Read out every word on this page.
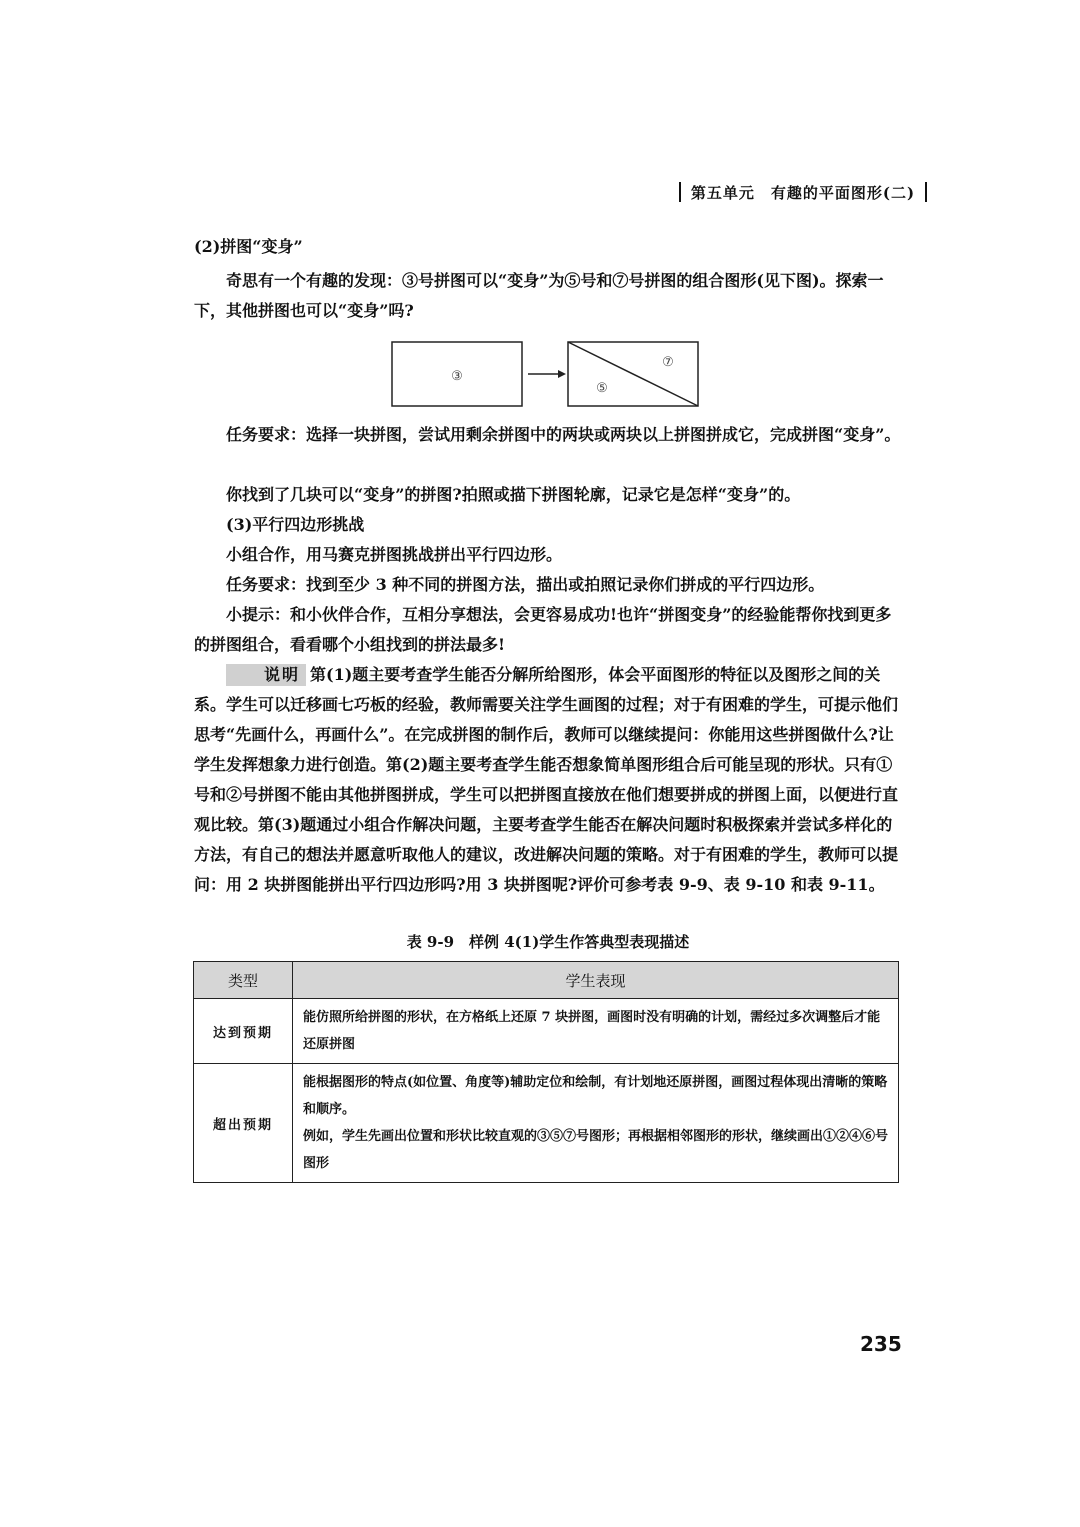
第五单元 有趣的平面图形(二)
(2)拼图“变身”
奇思有一个有趣的发现：③号拼图可以“变身”为⑤号和⑦号拼图的组合图形(见下图)。探索一下，其他拼图也可以“变身”吗?
③
⑦
⑤
任务要求：选择一块拼图，尝试用剩余拼图中的两块或两块以上拼图拼成它，完成拼图“变身”。
你找到了几块可以“变身”的拼图?拍照或描下拼图轮廓，记录它是怎样“变身”的。
(3)平行四边形挑战
小组合作，用马赛克拼图挑战拼出平行四边形。
任务要求：找到至少 3 种不同的拼图方法，描出或拍照记录你们拼成的平行四边形。
小提示：和小伙伴合作，互相分享想法，会更容易成功!也许“拼图变身”的经验能帮你找到更多的拼图组合，看看哪个小组找到的拼法最多!
说明 第(1)题主要考查学生能否分解所给图形，体会平面图形的特征以及图形之间的关系。学生可以迁移画七巧板的经验，教师需要关注学生画图的过程；对于有困难的学生，可提示他们思考“先画什么，再画什么”。在完成拼图的制作后，教师可以继续提问：你能用这些拼图做什么?让学生发挥想象力进行创造。第(2)题主要考查学生能否想象简单图形组合后可能呈现的形状。只有①号和②号拼图不能由其他拼图拼成，学生可以把拼图直接放在他们想要拼成的拼图上面，以便进行直观比较。第(3)题通过小组合作解决问题，主要考查学生能否在解决问题时积极探索并尝试多样化的方法，有自己的想法并愿意听取他人的建议，改进解决问题的策略。对于有困难的学生，教师可以提问：用 2 块拼图能拼出平行四边形吗?用 3 块拼图呢?评价可参考表 9-9、表 9-10 和表 9-11。
表 9-9　样例 4(1)学生作答典型表现描述
类型	学生表现
达到预期	能仿照所给拼图的形状，在方格纸上还原 7 块拼图，画图时没有明确的计划，需经过多次调整后才能还原拼图

超出预期	能根据图形的特点(如位置、角度等)辅助定位和绘制，有计划地还原拼图，画图过程体现出清晰的策略和顺序。
例如，学生先画出位置和形状比较直观的③⑤⑦号图形；再根据相邻图形的形状，继续画出①②④⑥号图形
235
